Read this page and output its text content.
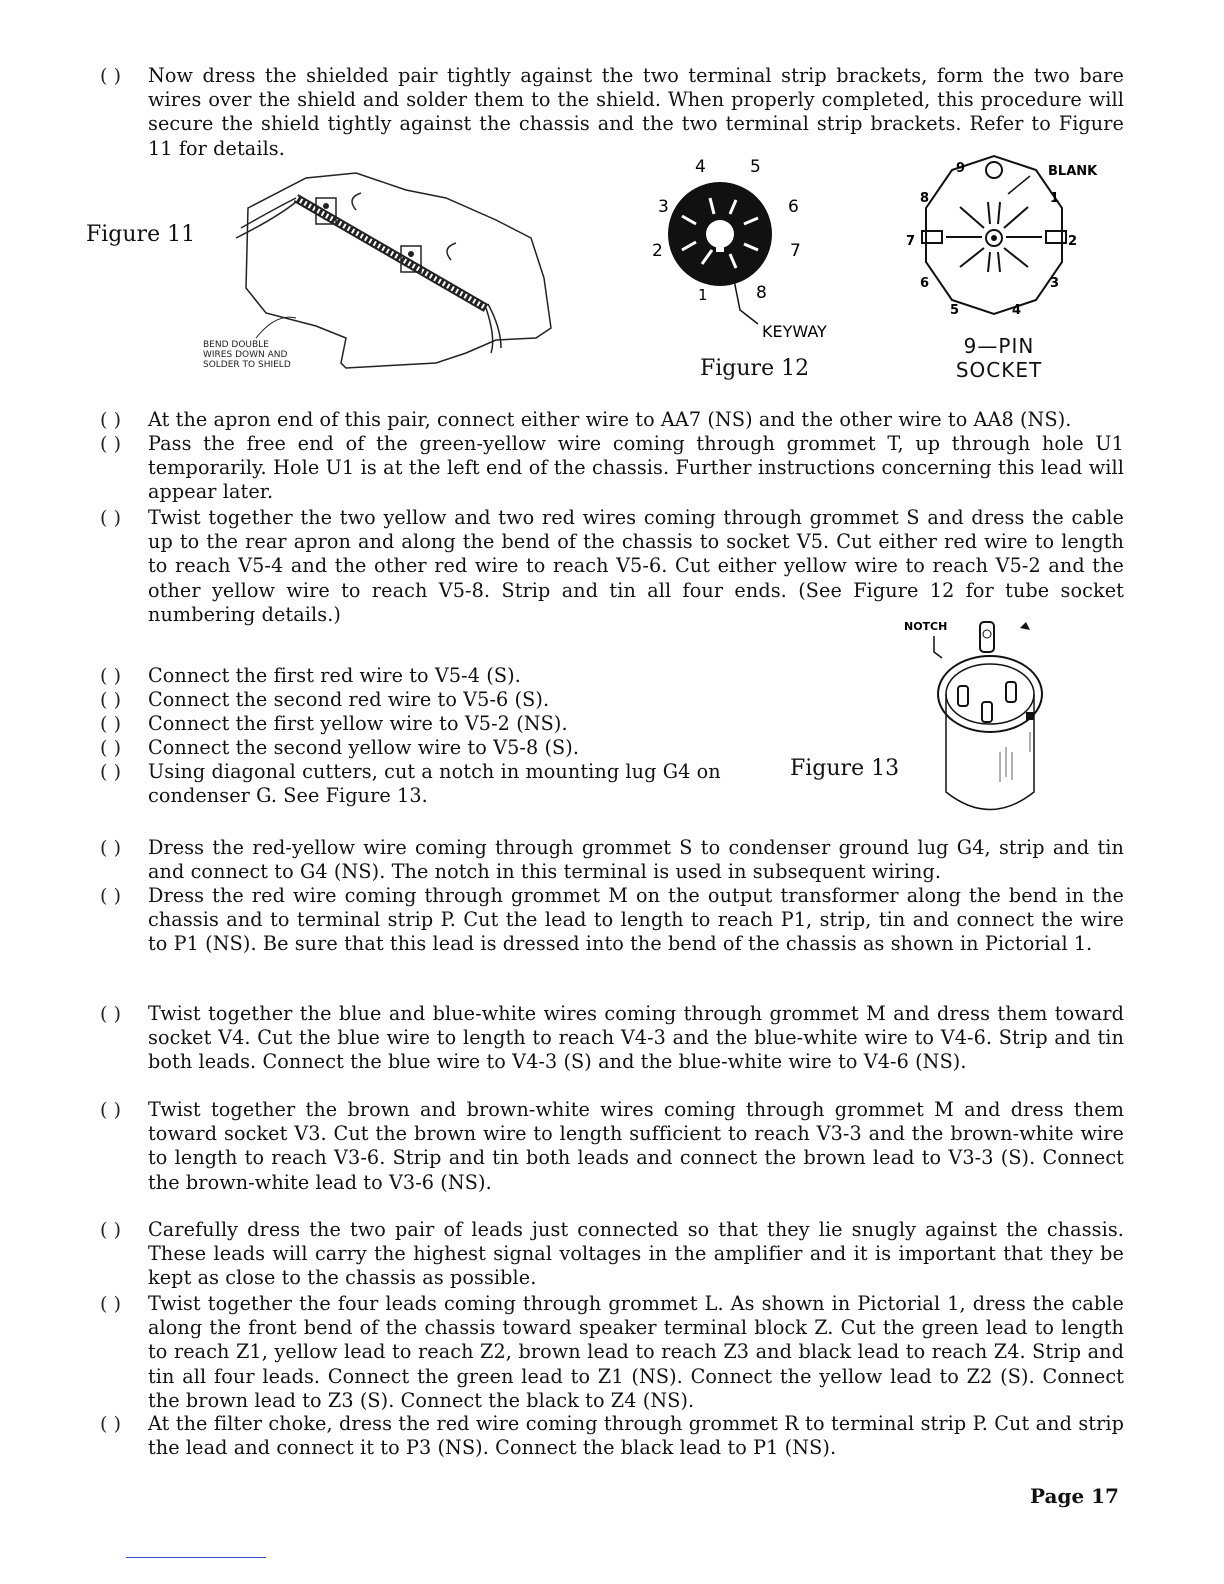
( )	Now dress the shielded pair tightly against the two terminal strip brackets, form the two bare wires over the shield and solder them to the shield. When properly completed, this procedure will secure the shield tightly against the chassis and the two terminal strip brackets. Refer to Figure 11 for details.
Figure 11
BEND DOUBLE
WIRES DOWN AND
SOLDER TO SHIELD
1
2
3
4	5
6
7
8
KEYWAY
Figure 12
BLANK
1
2
3
4
5
6
7
8
9
9—PIN
SOCKET
( )	At the apron end of this pair, connect either wire to AA7 (NS) and the other wire to AA8 (NS).
( )	Pass the free end of the green-yellow wire coming through grommet T, up through hole U1 temporarily. Hole U1 is at the left end of the chassis. Further instructions concerning this lead will appear later.
( )	Twist together the two yellow and two red wires coming through grommet S and dress the cable up to the rear apron and along the bend of the chassis to socket V5. Cut either red wire to length to reach V5-4 and the other red wire to reach V5-6. Cut either yellow wire to reach V5-2 and the other yellow wire to reach V5-8. Strip and tin all four ends. (See Figure 12 for tube socket numbering details.)
( )	Connect the first red wire to V5-4 (S).
( )	Connect the second red wire to V5-6 (S).
( )	Connect the first yellow wire to V5-2 (NS).
( )	Connect the second yellow wire to V5-8 (S).
( )	Using diagonal cutters, cut a notch in mounting lug G4 on condenser G. See Figure 13.
Figure 13
NOTCH
( )	Dress the red-yellow wire coming through grommet S to condenser ground lug G4, strip and tin and connect to G4 (NS). The notch in this terminal is used in subsequent wiring.
( )	Dress the red wire coming through grommet M on the output transformer along the bend in the chassis and to terminal strip P. Cut the lead to length to reach P1, strip, tin and connect the wire to P1 (NS). Be sure that this lead is dressed into the bend of the chassis as shown in Pictorial 1.
( )	Twist together the blue and blue-white wires coming through grommet M and dress them toward socket V4. Cut the blue wire to length to reach V4-3 and the blue-white wire to V4-6. Strip and tin both leads. Connect the blue wire to V4-3 (S) and the blue-white wire to V4-6 (NS).
( )	Twist together the brown and brown-white wires coming through grommet M and dress them toward socket V3. Cut the brown wire to length sufficient to reach V3-3 and the brown-white wire to length to reach V3-6. Strip and tin both leads and connect the brown lead to V3-3 (S). Connect the brown-white lead to V3-6 (NS).
( )	Carefully dress the two pair of leads just connected so that they lie snugly against the chassis. These leads will carry the highest signal voltages in the amplifier and it is important that they be kept as close to the chassis as possible.
( )	Twist together the four leads coming through grommet L. As shown in Pictorial 1, dress the cable along the front bend of the chassis toward speaker terminal block Z. Cut the green lead to length to reach Z1, yellow lead to reach Z2, brown lead to reach Z3 and black lead to reach Z4. Strip and tin all four leads. Connect the green lead to Z1 (NS). Connect the yellow lead to Z2 (S). Connect the brown lead to Z3 (S). Connect the black to Z4 (NS).
( )	At the filter choke, dress the red wire coming through grommet R to terminal strip P. Cut and strip the lead and connect it to P3 (NS). Connect the black lead to P1 (NS).
Page 17
